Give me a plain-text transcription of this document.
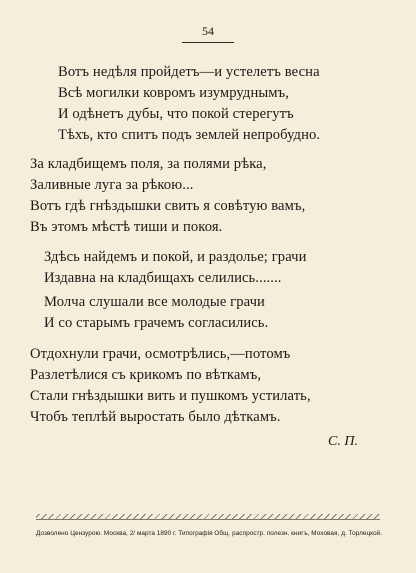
54
Вотъ недѣля пройдетъ—и устелетъ весна
Всѣ могилки ковромъ изумруднымъ,
И одѣнетъ дубы, что покой стерегутъ
Тѣхъ, кто спитъ подъ землей непробудно.
За кладбищемъ поля, за полями рѣка,
Заливные луга за рѣкою...
Вотъ гдѣ гнѣздышки свить я совѣтую вамъ,
Въ этомъ мѣстѣ тиши и покоя.
Здѣсь найдемъ и покой, и раздолье; грачи
Издавна на кладбищахъ селились.......
Молча слушали все молодые грачи
И со старымъ грачемъ согласились.
Отдохнули грачи, осмотрѣлись,—потомъ
Разлетѣлися съ крикомъ по вѣткамъ,
Стали гнѣздышки вить и пушкомъ устилать,
Чтобъ теплѣй выростать было дѣткамъ.
С. П.
Дозволено Цензурою. Москва, 2/ марта 1890 г. Типографія Общ. распростр. полезн. книгъ, Моховая, д. Торлецкой.
